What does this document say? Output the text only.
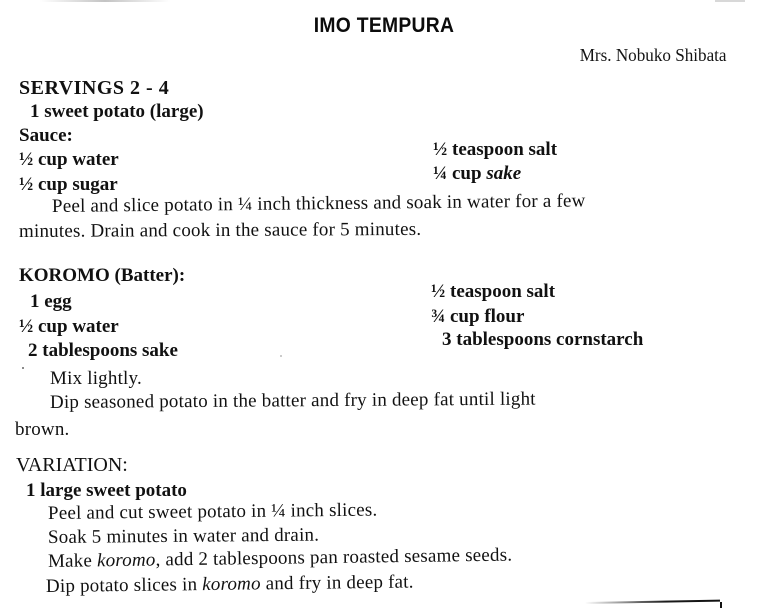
IMO TEMPURA
Mrs. Nobuko Shibata
SERVINGS 2 - 4
1 sweet potato (large)
Sauce:
½ cup water
½ cup sugar
½ teaspoon salt
¼ cup sake
Peel and slice potato in ¼ inch thickness and soak in water for a few
minutes. Drain and cook in the sauce for 5 minutes.
KOROMO (Batter):
1 egg
½ cup water
2 tablespoons sake
½ teaspoon salt
¾ cup flour
3 tablespoons cornstarch
Mix lightly.
Dip seasoned potato in the batter and fry in deep fat until light
brown.
VARIATION:
1 large sweet potato
Peel and cut sweet potato in ¼ inch slices.
Soak 5 minutes in water and drain.
Make koromo, add 2 tablespoons pan roasted sesame seeds.
Dip potato slices in koromo and fry in deep fat.
